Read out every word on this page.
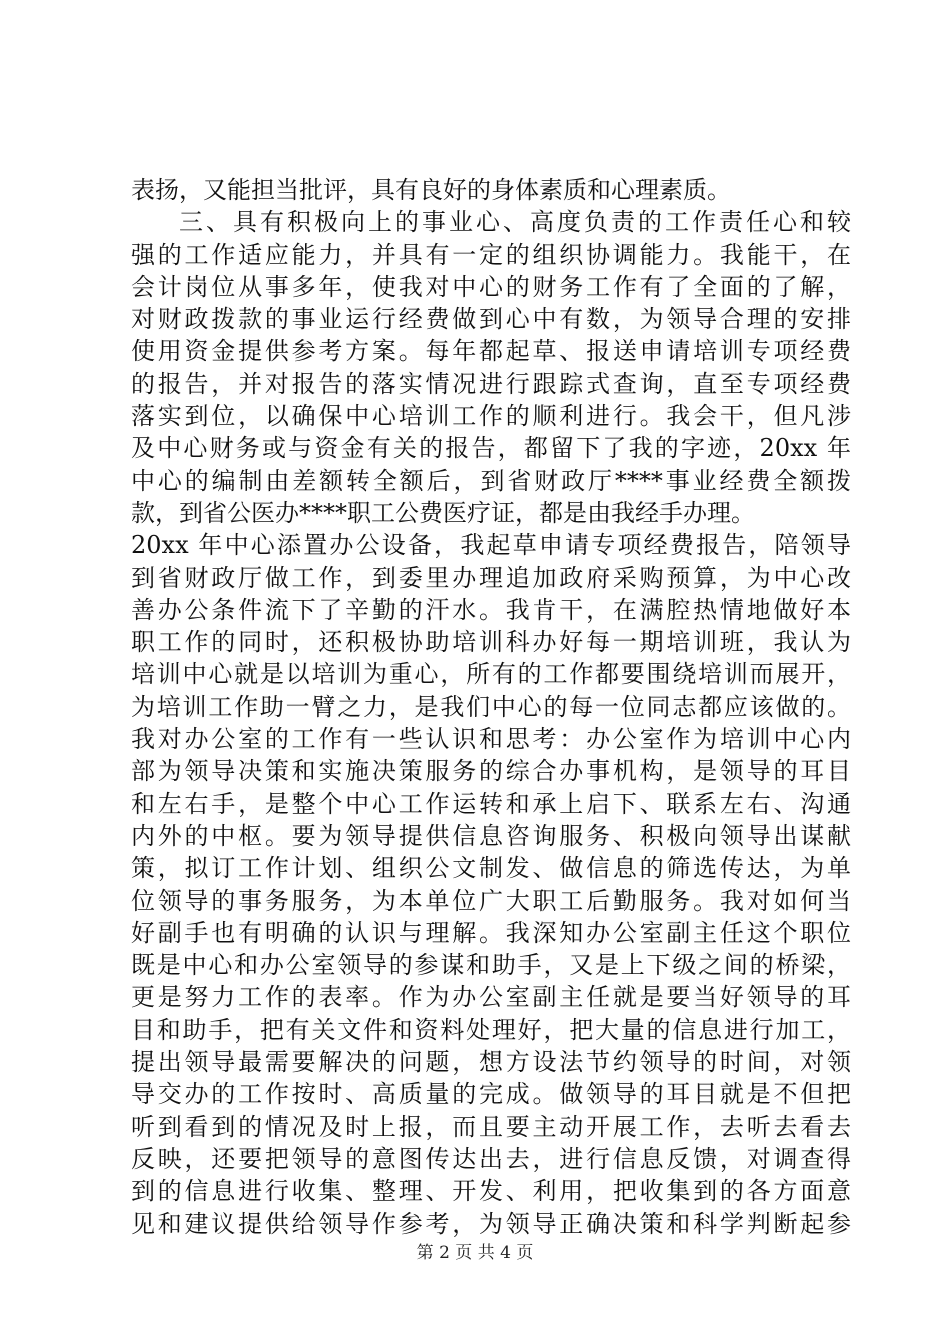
表扬，又能担当批评，具有良好的身体素质和心理素质。
三、具有积极向上的事业心、高度负责的工作责任心和较
强的工作适应能力，并具有一定的组织协调能力。我能干，在
会计岗位从事多年，使我对中心的财务工作有了全面的了解，
对财政拨款的事业运行经费做到心中有数，为领导合理的安排
使用资金提供参考方案。每年都起草、报送申请培训专项经费
的报告，并对报告的落实情况进行跟踪式查询，直至专项经费
落实到位，以确保中心培训工作的顺利进行。我会干，但凡涉
及中心财务或与资金有关的报告，都留下了我的字迹，20xx 年
中心的编制由差额转全额后，到省财政厅****事业经费全额拨
款，到省公医办****职工公费医疗证，都是由我经手办理。
20xx 年中心添置办公设备，我起草申请专项经费报告，陪领导
到省财政厅做工作，到委里办理追加政府采购预算，为中心改
善办公条件流下了辛勤的汗水。我肯干，在满腔热情地做好本
职工作的同时，还积极协助培训科办好每一期培训班，我认为
培训中心就是以培训为重心，所有的工作都要围绕培训而展开，
为培训工作助一臂之力，是我们中心的每一位同志都应该做的。
我对办公室的工作有一些认识和思考：办公室作为培训中心内
部为领导决策和实施决策服务的综合办事机构，是领导的耳目
和左右手，是整个中心工作运转和承上启下、联系左右、沟通
内外的中枢。要为领导提供信息咨询服务、积极向领导出谋献
策，拟订工作计划、组织公文制发、做信息的筛选传达，为单
位领导的事务服务，为本单位广大职工后勤服务。我对如何当
好副手也有明确的认识与理解。我深知办公室副主任这个职位
既是中心和办公室领导的参谋和助手，又是上下级之间的桥梁，
更是努力工作的表率。作为办公室副主任就是要当好领导的耳
目和助手，把有关文件和资料处理好，把大量的信息进行加工，
提出领导最需要解决的问题，想方设法节约领导的时间，对领
导交办的工作按时、高质量的完成。做领导的耳目就是不但把
听到看到的情况及时上报，而且要主动开展工作，去听去看去
反映，还要把领导的意图传达出去，进行信息反馈，对调查得
到的信息进行收集、整理、开发、利用，把收集到的各方面意
见和建议提供给领导作参考，为领导正确决策和科学判断起参
第 2 页 共 4 页
